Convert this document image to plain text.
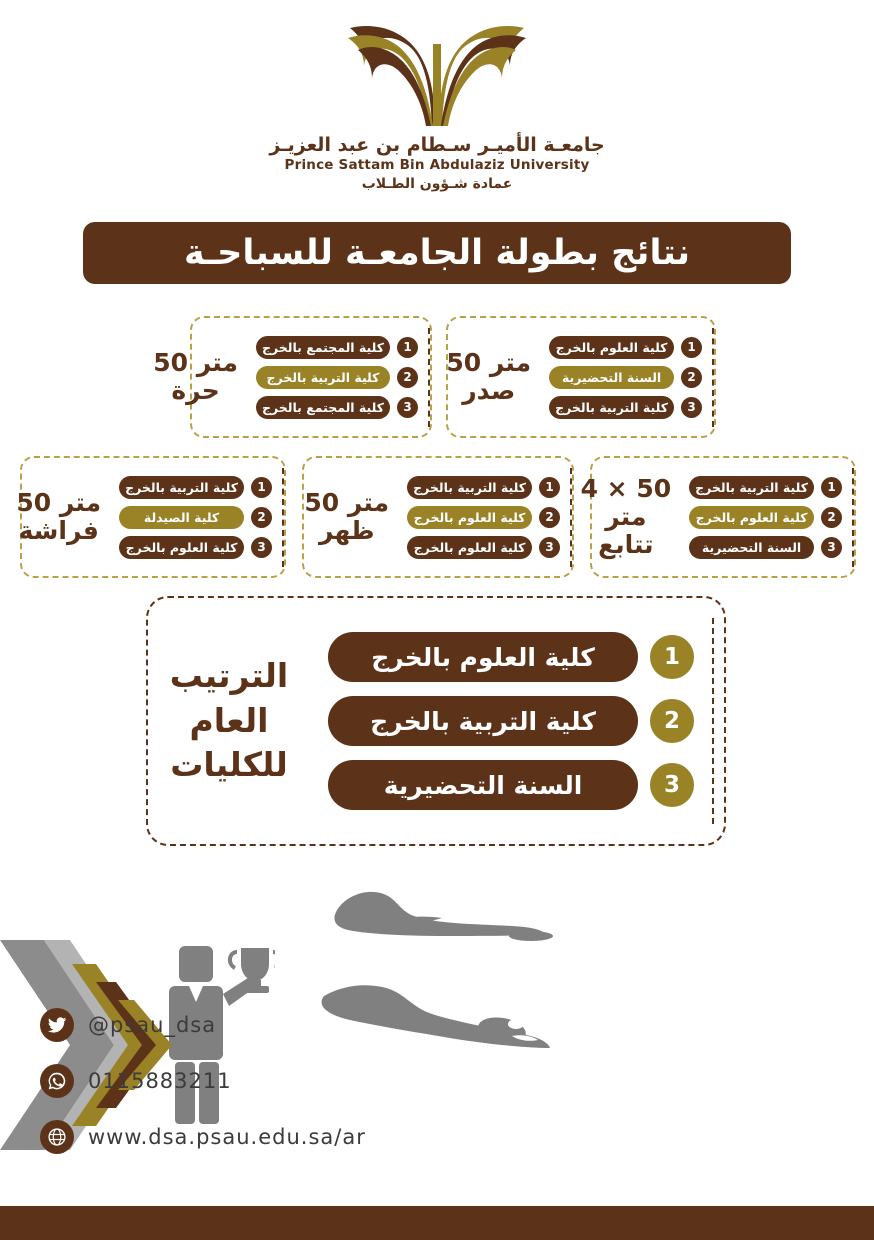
جامعـة الأميـر سـطام بن عبد العزيـز
Prince Sattam Bin Abdulaziz University
عمادة شـؤون الطـلاب
نتائج بطولة الجامعـة للسباحـة
1
كلية المجتمع بالخرج
2
كلية التربية بالخرج
3
كلية المجتمع بالخرج
50 متر
حرة
1
كلية العلوم بالخرج
2
السنة التحضيرية
3
كلية التربية بالخرج
50 متر
صدر
1
كلية التربية بالخرج
2
كلية الصيدلة
3
كلية العلوم بالخرج
50 متر
فراشة
1
كلية التربية بالخرج
2
كلية العلوم بالخرج
3
كلية العلوم بالخرج
50 متر
ظهر
1
كلية التربية بالخرج
2
كلية العلوم بالخرج
3
السنة التحضيرية
4 × 50
متر
تتابع
1
كلية العلوم بالخرج
2
كلية التربية بالخرج
3
السنة التحضيرية
الترتيب
العام
للكليات
@psau_dsa
0115883211
www.dsa.psau.edu.sa/ar
